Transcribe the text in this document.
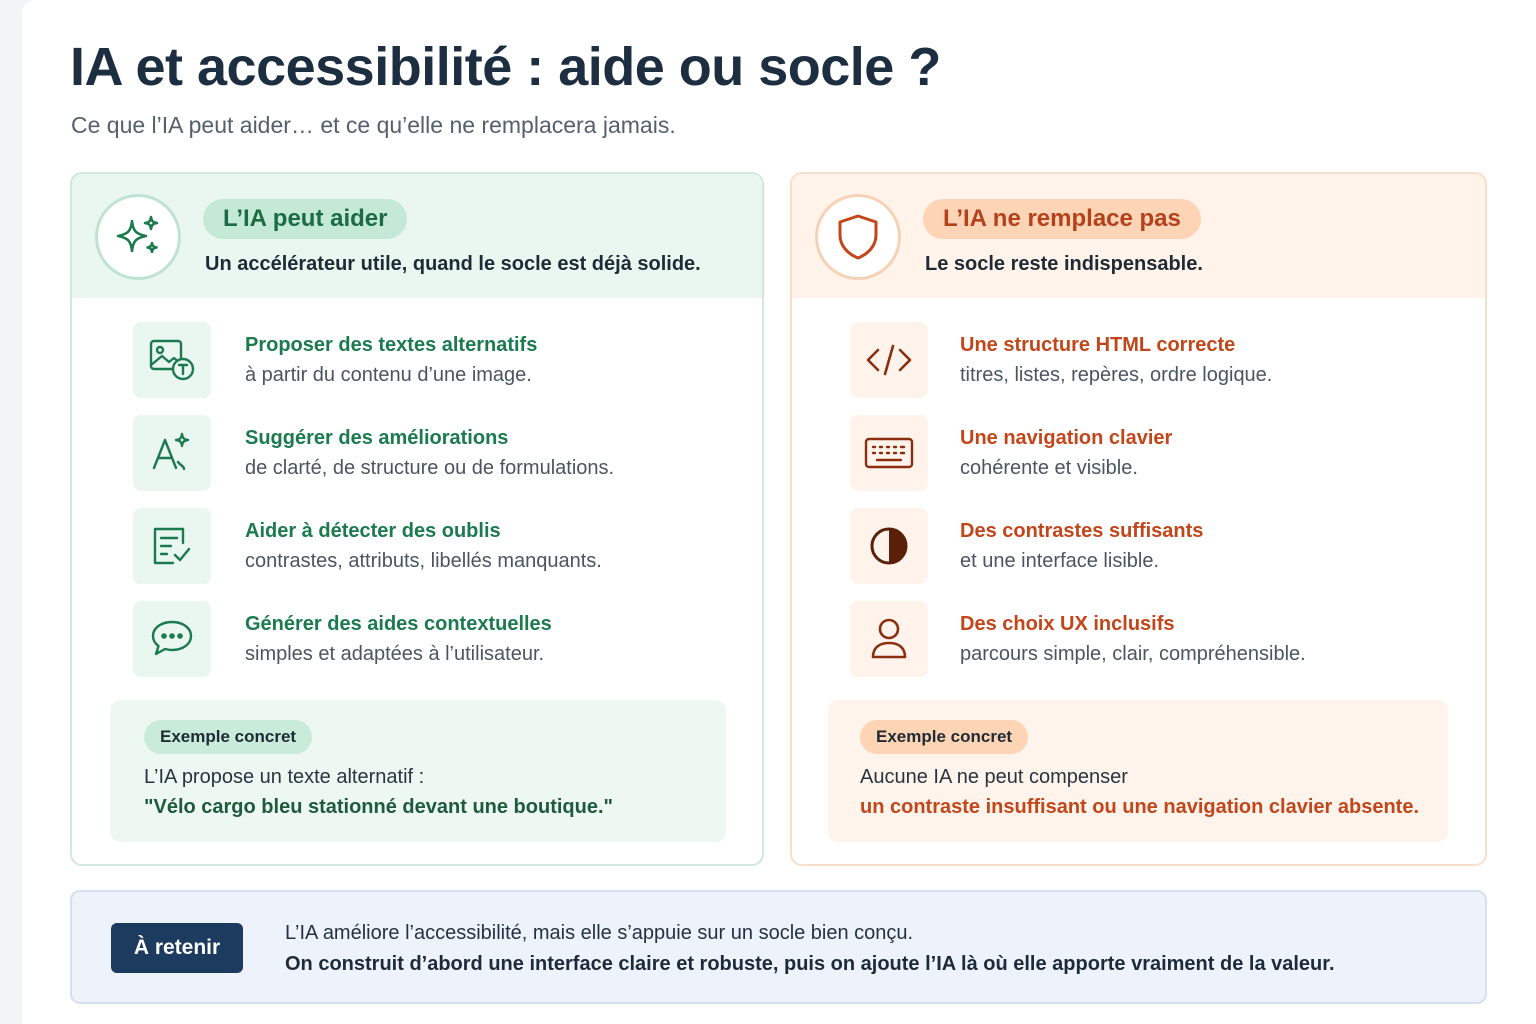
IA et accessibilité : aide ou socle ?

Ce que l’IA peut aider… et ce qu’elle ne remplacera jamais.

L’IA peut aider
Un accélérateur utile, quand le socle est déjà solide.
Proposer des textes alternatifs
à partir du contenu d’une image.
Suggérer des améliorations
de clarté, de structure ou de formulations.
Aider à détecter des oublis
contrastes, attributs, libellés manquants.
Générer des aides contextuelles
simples et adaptées à l’utilisateur.
Exemple concret
L’IA propose un texte alternatif :
"Vélo cargo bleu stationné devant une boutique."
L’IA ne remplace pas
Le socle reste indispensable.
Une structure HTML correcte
titres, listes, repères, ordre logique.
Une navigation clavier
cohérente et visible.
Des contrastes suffisants
et une interface lisible.
Des choix UX inclusifs
parcours simple, clair, compréhensible.
Exemple concret
Aucune IA ne peut compenser
un contraste insuffisant ou une navigation clavier absente.
À retenir
L’IA améliore l’accessibilité, mais elle s’appuie sur un socle bien conçu.
On construit d’abord une interface claire et robuste, puis on ajoute l’IA là où elle apporte vraiment de la valeur.
